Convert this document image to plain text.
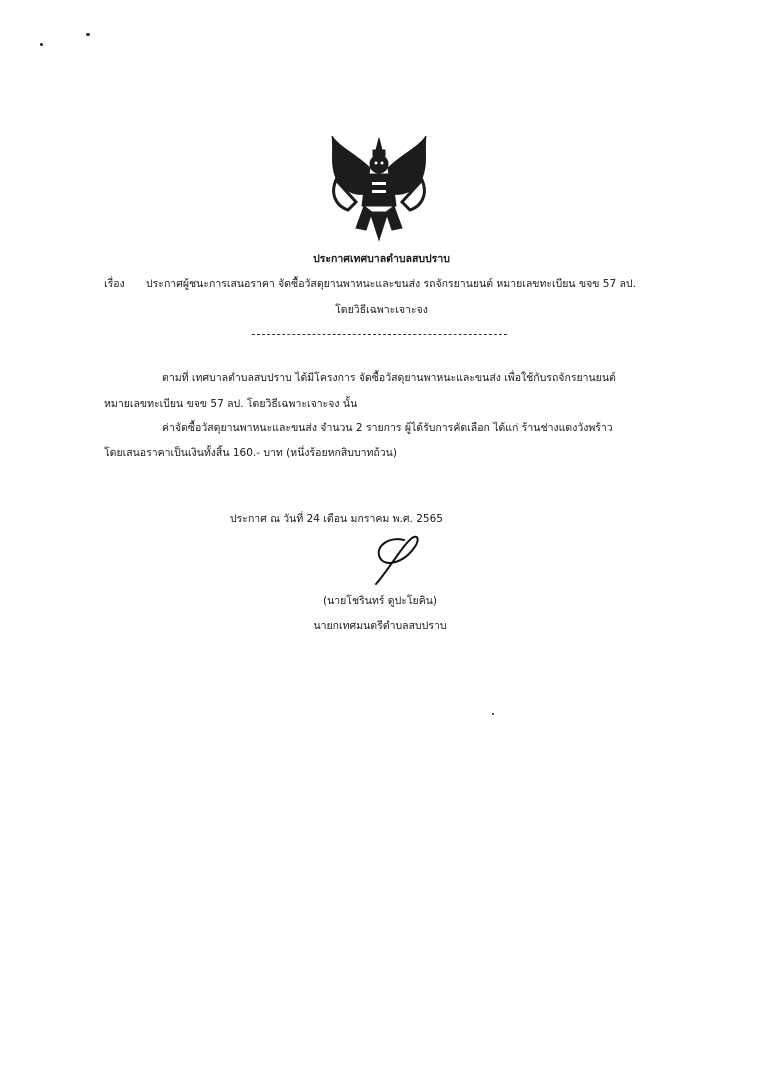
ประกาศเทศบาลตำบลสบปราบ
เรื่อง ประกาศผู้ชนะการเสนอราคา จัดซื้อวัสดุยานพาหนะและขนส่ง รถจักรยานยนต์ หมายเลขทะเบียน ขจข 57 ลป.
โดยวิธีเฉพาะเจาะจง
ตามที่ เทศบาลตำบลสบปราบ ได้มีโครงการ จัดซื้อวัสดุยานพาหนะและขนส่ง เพื่อใช้กับรถจักรยานยนต์
หมายเลขทะเบียน ขจข 57 ลป. โดยวิธีเฉพาะเจาะจง นั้น
ค่าจัดซื้อวัสดุยานพาหนะและขนส่ง จำนวน 2 รายการ ผู้ได้รับการคัดเลือก ได้แก่ ร้านช่างแดงวังพร้าว
โดยเสนอราคาเป็นเงินทั้งสิ้น 160.- บาท (หนึ่งร้อยหกสิบบาทถ้วน)
ประกาศ ณ วันที่ 24 เดือน มกราคม พ.ศ. 2565
(นายโชรินทร์ ดูปะโยคิน)
นายกเทศมนตรีตำบลสบปราบ
